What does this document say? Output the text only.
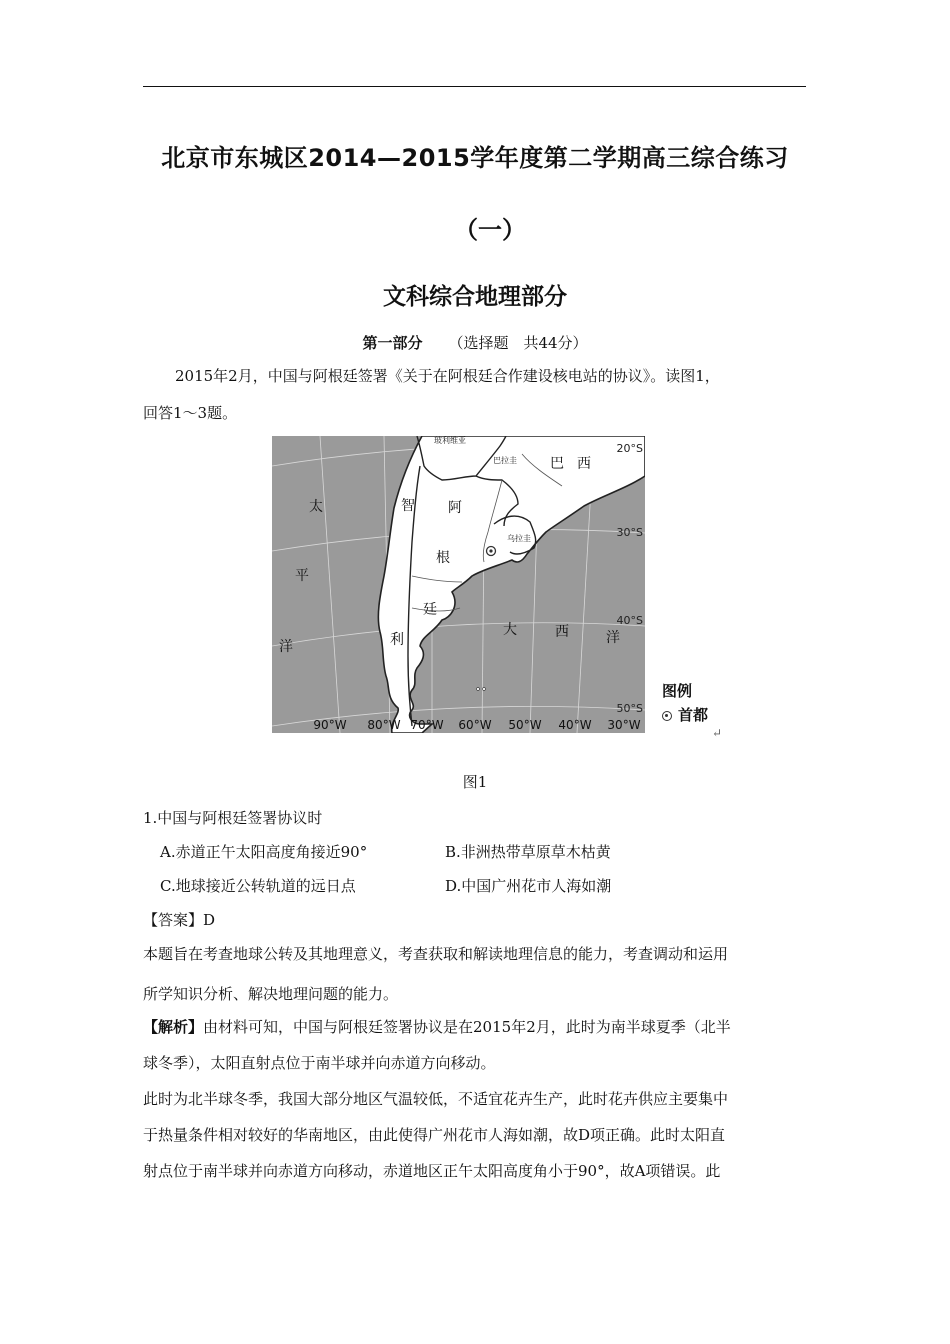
北京市东城区2014—2015学年度第二学期高三综合练习
（一）
文科综合地理部分
第一部分 （选择题　共44分）
2015年2月，中国与阿根廷签署《关于在阿根廷合作建设核电站的协议》。读图1，
回答1～3题。
20°S
30°S
40°S
50°S
90°W 80°W 70°W 60°W 50°W 40°W 30°W
太
平
洋
大	西	洋
智
利
阿
根
廷
巴 西
玻利维亚
巴拉圭
乌拉圭
图例
首都
↵
图1
1.中国与阿根廷签署协议时
A.赤道正午太阳高度角接近90°	B.非洲热带草原草木枯黄
C.地球接近公转轨道的远日点	D.中国广州花市人海如潮
【答案】D
本题旨在考查地球公转及其地理意义，考查获取和解读地理信息的能力，考查调动和运用
所学知识分析、解决地理问题的能力。
【解析】由材料可知，中国与阿根廷签署协议是在2015年2月，此时为南半球夏季（北半
球冬季），太阳直射点位于南半球并向赤道方向移动。
此时为北半球冬季，我国大部分地区气温较低，不适宜花卉生产，此时花卉供应主要集中
于热量条件相对较好的华南地区，由此使得广州花市人海如潮，故D项正确。此时太阳直
射点位于南半球并向赤道方向移动，赤道地区正午太阳高度角小于90°，故A项错误。此
